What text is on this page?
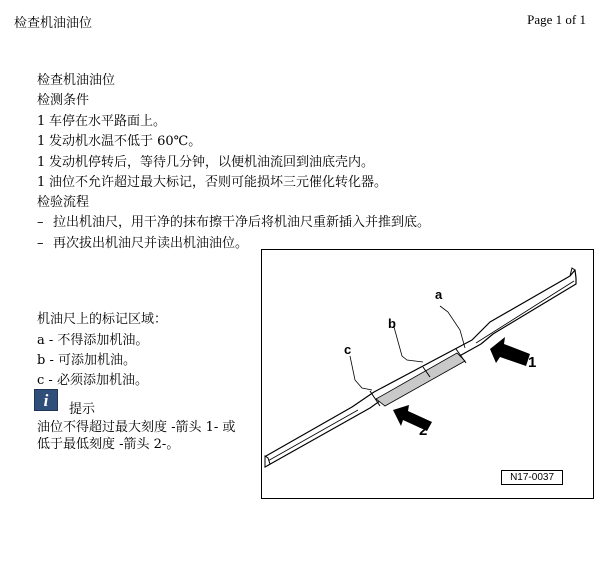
检查机油油位	Page 1 of 1
检查机油油位
检测条件
1 车停在水平路面上。
1 发动机水温不低于 60℃。
1 发动机停转后，等待几分钟，以便机油流回到油底壳内。
1 油位不允许超过最大标记，否则可能损坏三元催化转化器。
检验流程
– 拉出机油尺，用干净的抹布擦干净后将机油尺重新插入并推到底。
– 再次拔出机油尺并读出机油油位。
机油尺上的标记区域：
a - 不得添加机油。
b - 可添加机油。
c - 必须添加机油。
i	提示
油位不得超过最大刻度 -箭头 1- 或
低于最低刻度 -箭头 2-。
a
b
c
1
2
N17-0037
